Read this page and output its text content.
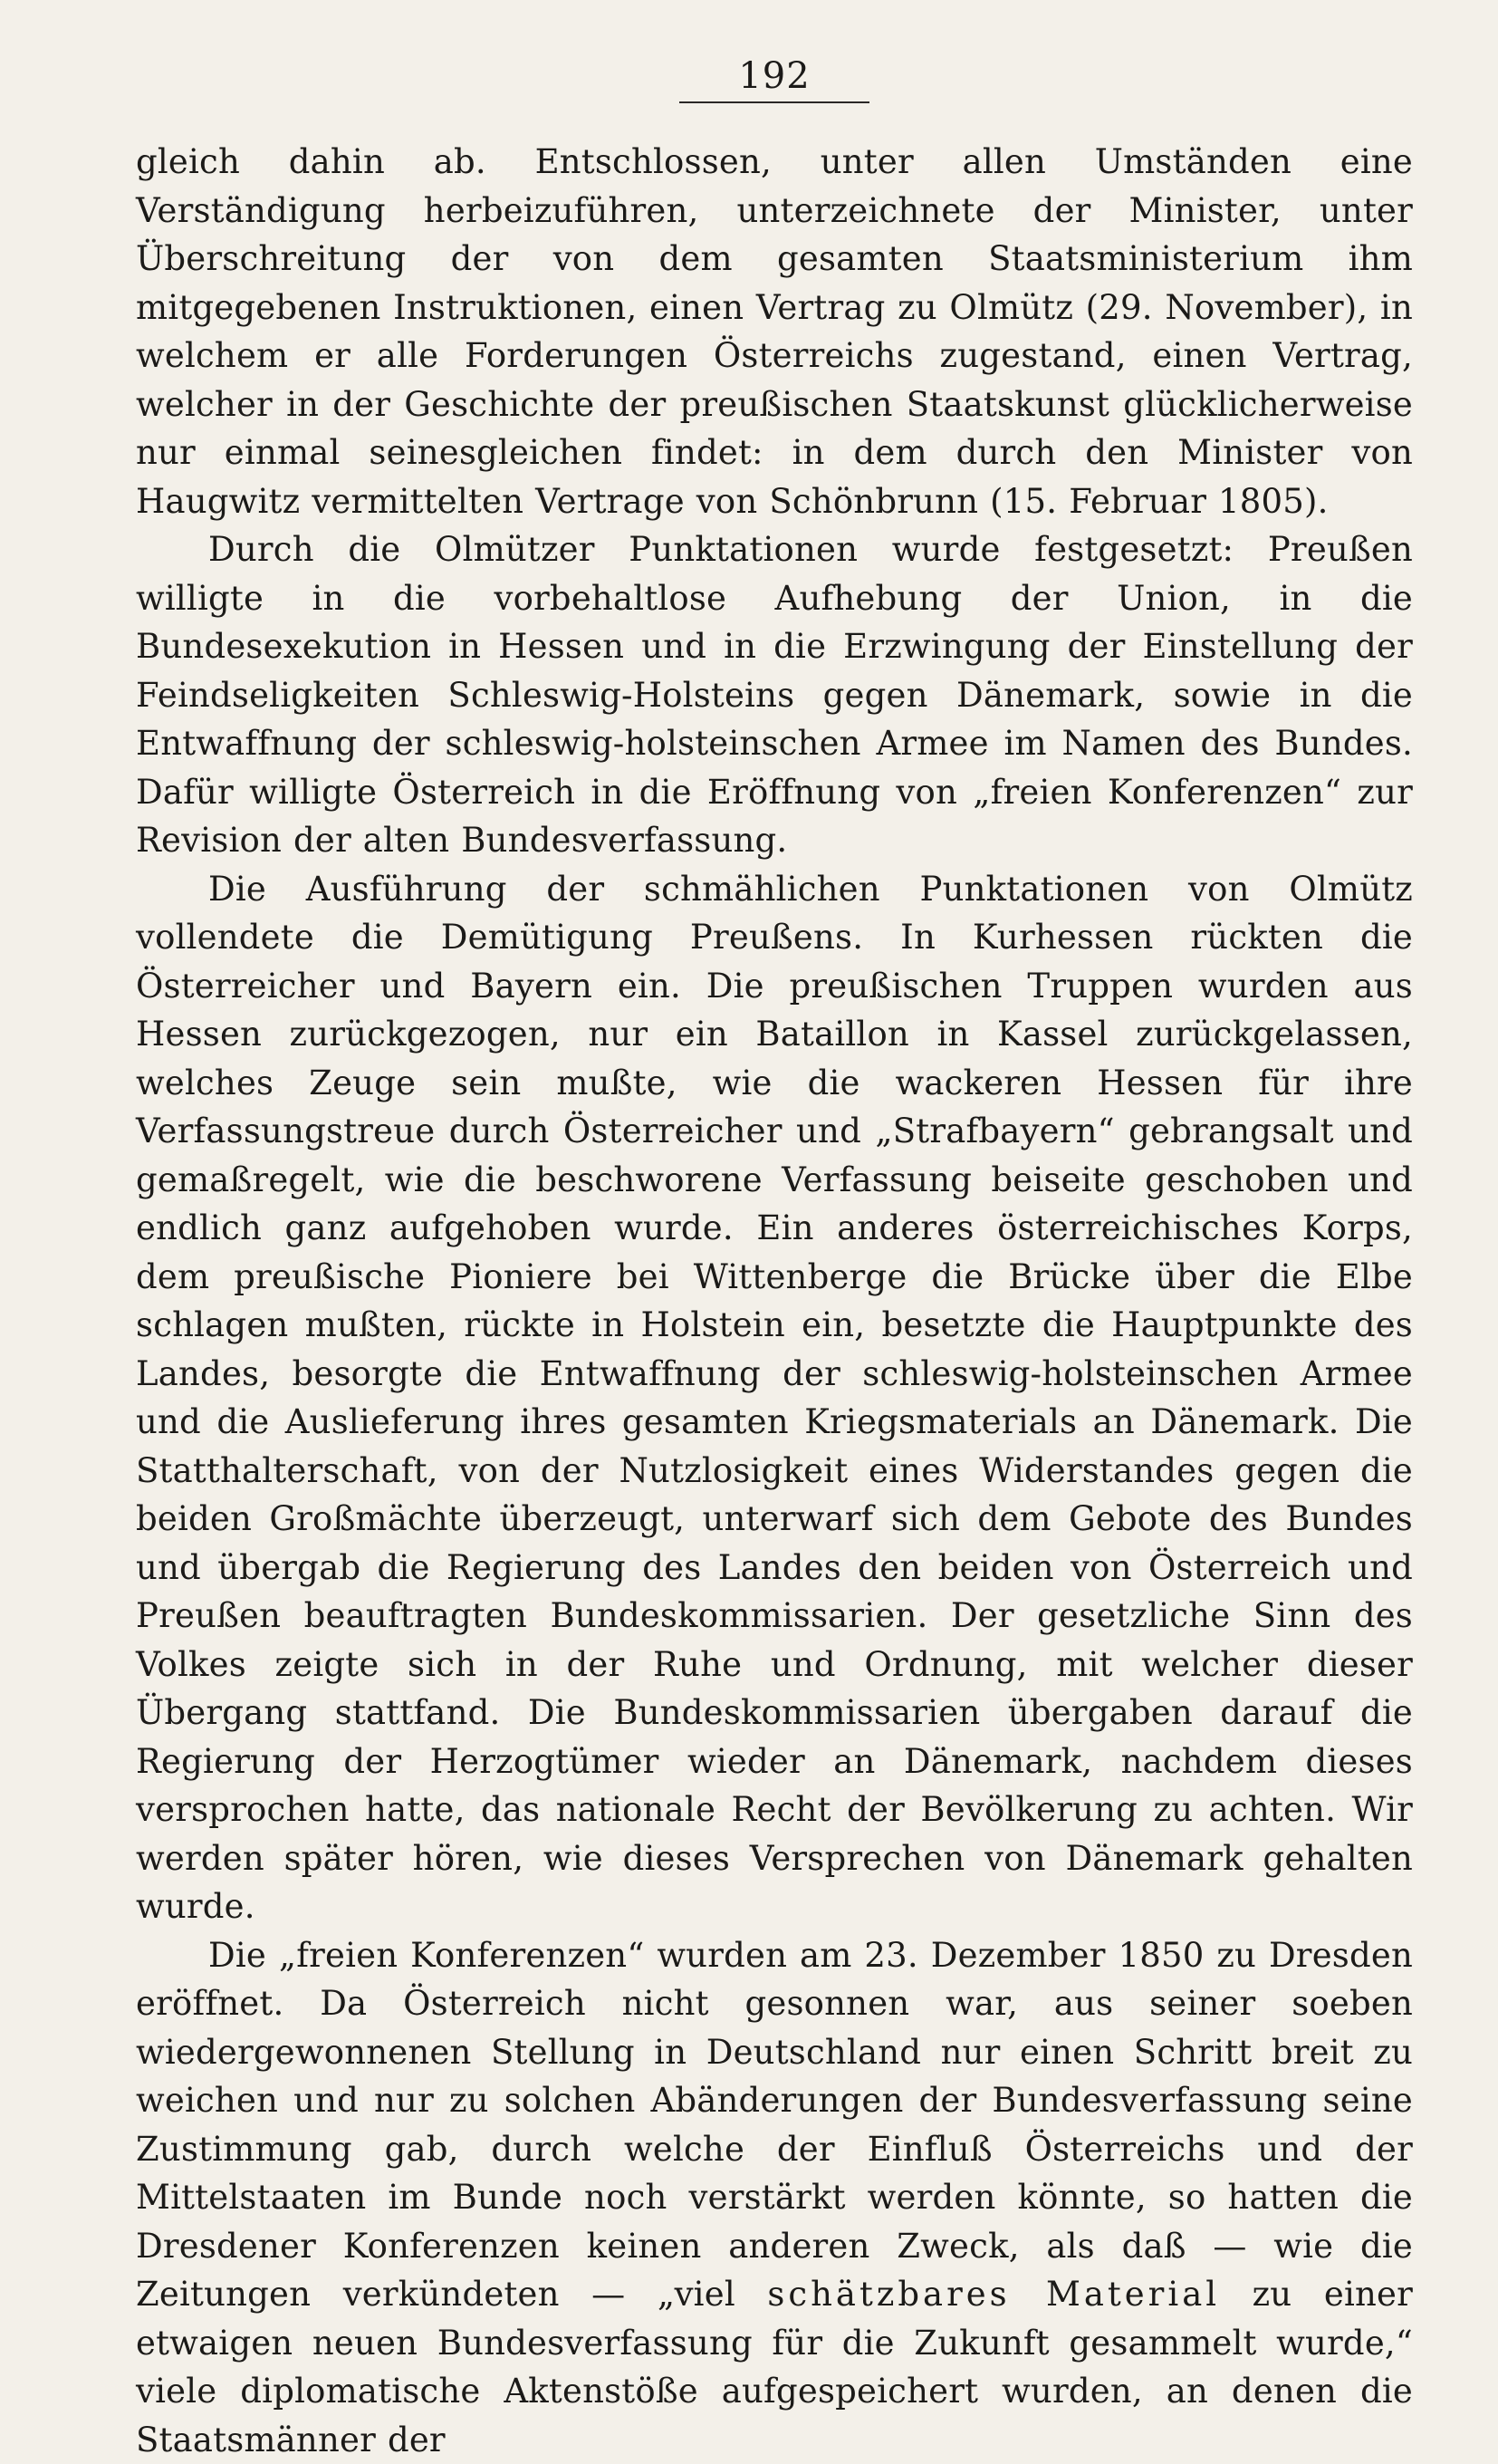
192

gleich dahin ab. Entschlossen, unter allen Umständen eine Verständigung herbeizuführen, unterzeichnete der Minister, unter Überschreitung der von dem gesamten Staatsministerium ihm mitgegebenen Instruktionen, einen Vertrag zu Olmütz (29. November), in welchem er alle Forderungen Österreichs zugestand, einen Vertrag, welcher in der Geschichte der preußischen Staatskunst glücklicherweise nur einmal seinesgleichen findet: in dem durch den Minister von Haugwitz vermittelten Vertrage von Schönbrunn (15. Februar 1805).

Durch die Olmützer Punktationen wurde festgesetzt: Preußen willigte in die vorbehaltlose Aufhebung der Union, in die Bundesexekution in Hessen und in die Erzwingung der Einstellung der Feindseligkeiten Schleswig-Holsteins gegen Dänemark, sowie in die Entwaffnung der schleswig-holsteinschen Armee im Namen des Bundes. Dafür willigte Österreich in die Eröffnung von „freien Konferenzen“ zur Revision der alten Bundesverfassung.

Die Ausführung der schmählichen Punktationen von Olmütz vollendete die Demütigung Preußens. In Kurhessen rückten die Österreicher und Bayern ein. Die preußischen Truppen wurden aus Hessen zurückgezogen, nur ein Bataillon in Kassel zurückgelassen, welches Zeuge sein mußte, wie die wackeren Hessen für ihre Verfassungstreue durch Österreicher und „Strafbayern“ gebrangsalt und gemaßregelt, wie die beschworene Verfassung beiseite geschoben und endlich ganz aufgehoben wurde. Ein anderes österreichisches Korps, dem preußische Pioniere bei Wittenberge die Brücke über die Elbe schlagen mußten, rückte in Holstein ein, besetzte die Hauptpunkte des Landes, besorgte die Entwaffnung der schleswig-holsteinschen Armee und die Auslieferung ihres gesamten Kriegsmaterials an Dänemark. Die Statthalterschaft, von der Nutzlosigkeit eines Widerstandes gegen die beiden Großmächte überzeugt, unterwarf sich dem Gebote des Bundes und übergab die Regierung des Landes den beiden von Österreich und Preußen beauftragten Bundeskommissarien. Der gesetzliche Sinn des Volkes zeigte sich in der Ruhe und Ordnung, mit welcher dieser Übergang stattfand. Die Bundeskommissarien übergaben darauf die Regierung der Herzogtümer wieder an Dänemark, nachdem dieses versprochen hatte, das nationale Recht der Bevölkerung zu achten. Wir werden später hören, wie dieses Versprechen von Dänemark gehalten wurde.

Die „freien Konferenzen“ wurden am 23. Dezember 1850 zu Dresden eröffnet. Da Österreich nicht gesonnen war, aus seiner soeben wiedergewonnenen Stellung in Deutschland nur einen Schritt breit zu weichen und nur zu solchen Abänderungen der Bundesverfassung seine Zustimmung gab, durch welche der Einfluß Österreichs und der Mittelstaaten im Bunde noch verstärkt werden könnte, so hatten die Dresdener Konferenzen keinen anderen Zweck, als daß — wie die Zeitungen verkündeten — „viel schätzbares Material zu einer etwaigen neuen Bundesverfassung für die Zukunft gesammelt wurde,“ viele diplomatische Aktenstöße aufgespeichert wurden, an denen die Staatsmänner der
